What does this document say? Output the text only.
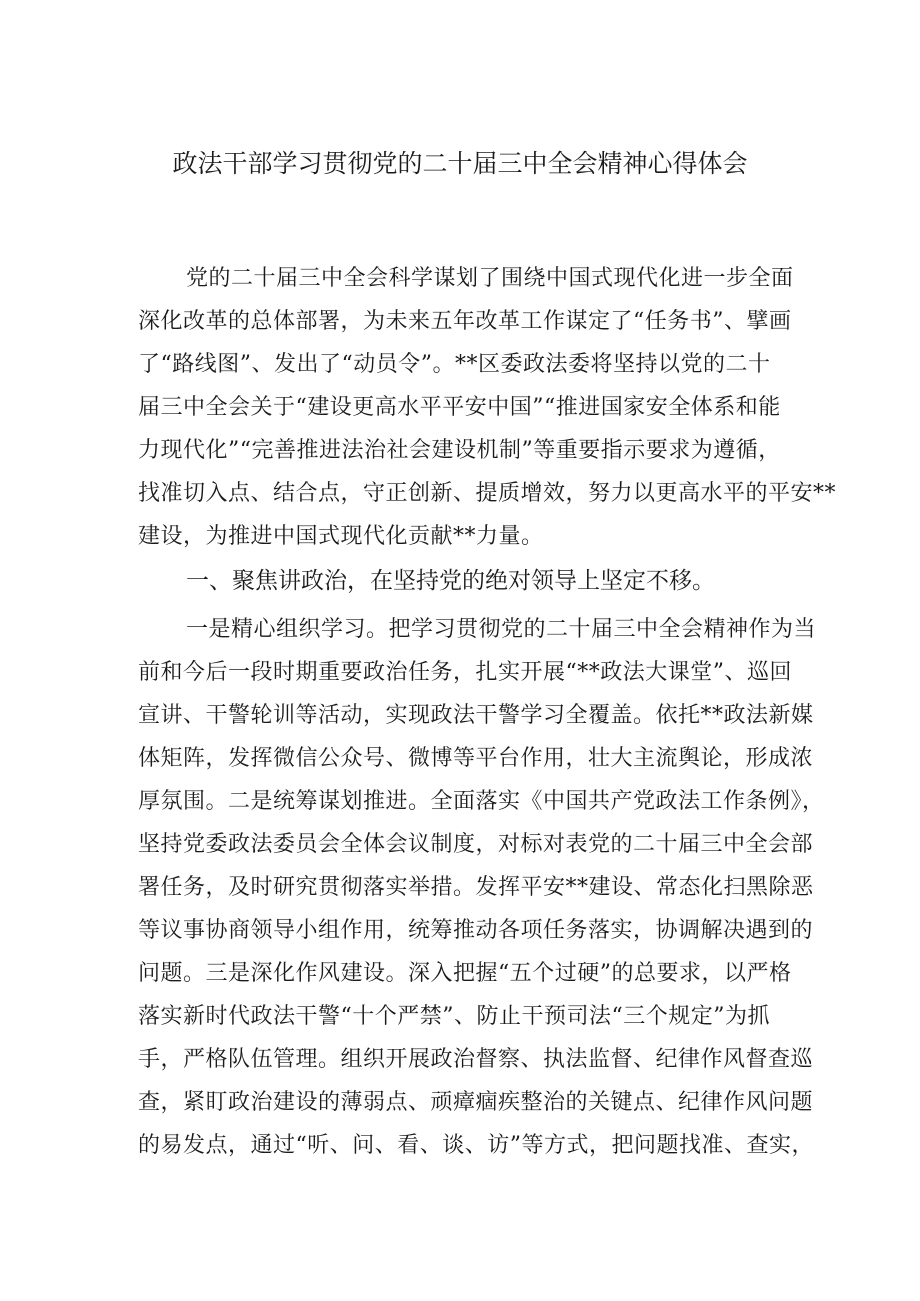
政法干部学习贯彻党的二十届三中全会精神心得体会
党的二十届三中全会科学谋划了围绕中国式现代化进一步全面
深化改革的总体部署，为未来五年改革工作谋定了“任务书”、擘画
了“路线图”、发出了“动员令”。**区委政法委将坚持以党的二十
届三中全会关于“建设更高水平平安中国”“推进国家安全体系和能
力现代化”“完善推进法治社会建设机制”等重要指示要求为遵循，
找准切入点、结合点，守正创新、提质增效，努力以更高水平的平安**
建设，为推进中国式现代化贡献**力量。
一、聚焦讲政治，在坚持党的绝对领导上坚定不移。
一是精心组织学习。把学习贯彻党的二十届三中全会精神作为当
前和今后一段时期重要政治任务，扎实开展“**政法大课堂”、巡回
宣讲、干警轮训等活动，实现政法干警学习全覆盖。依托**政法新媒
体矩阵，发挥微信公众号、微博等平台作用，壮大主流舆论，形成浓
厚氛围。二是统筹谋划推进。全面落实《中国共产党政法工作条例》，
坚持党委政法委员会全体会议制度，对标对表党的二十届三中全会部
署任务，及时研究贯彻落实举措。发挥平安**建设、常态化扫黑除恶
等议事协商领导小组作用，统筹推动各项任务落实，协调解决遇到的
问题。三是深化作风建设。深入把握“五个过硬”的总要求，以严格
落实新时代政法干警“十个严禁”、防止干预司法“三个规定”为抓
手，严格队伍管理。组织开展政治督察、执法监督、纪律作风督查巡
查，紧盯政治建设的薄弱点、顽瘴痼疾整治的关键点、纪律作风问题
的易发点，通过“听、问、看、谈、访”等方式，把问题找准、查实，
